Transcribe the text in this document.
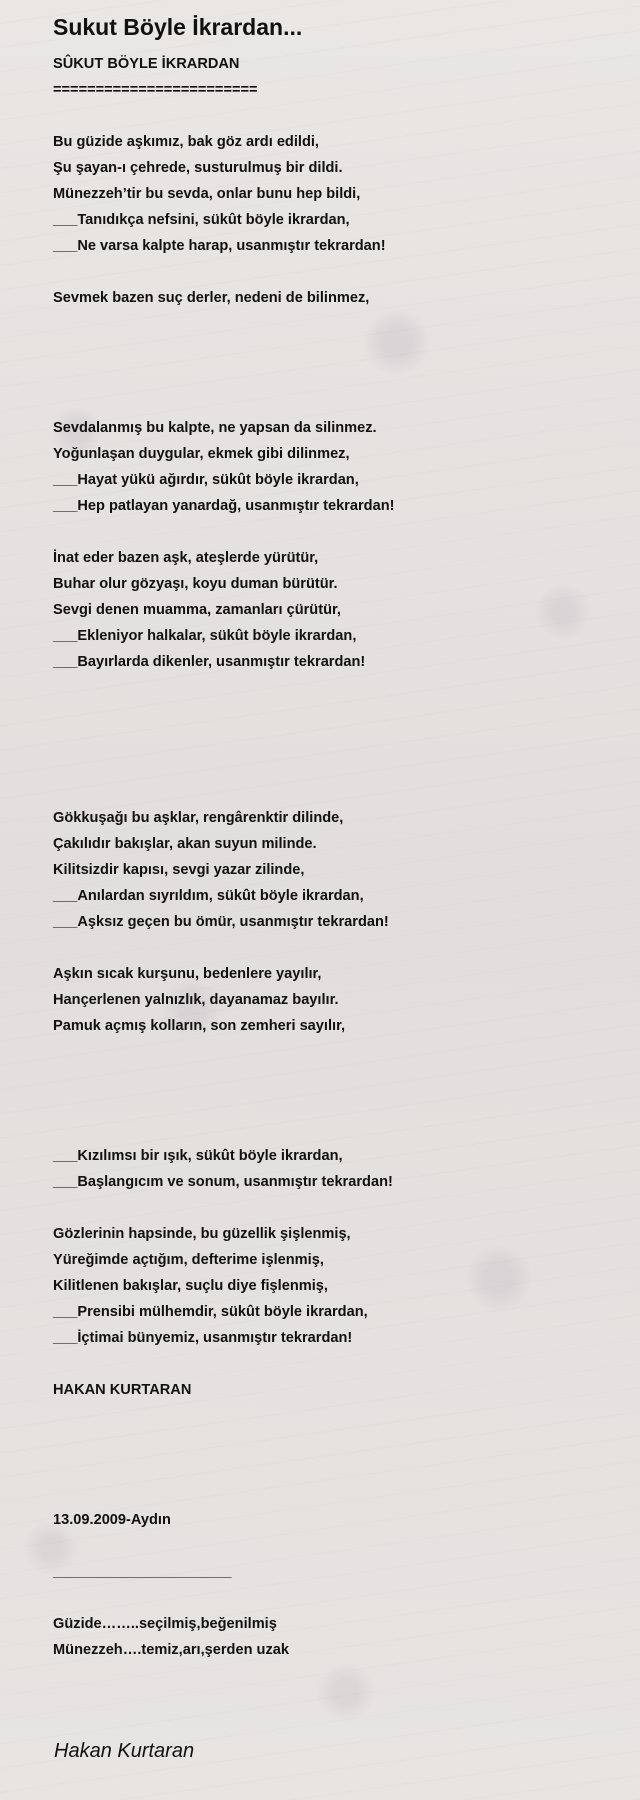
Sukut Böyle İkrardan...
SÛKUT BÖYLE İKRARDAN
========================
Bu güzide aşkımız, bak göz ardı edildi,
Şu şayan-ı çehrede, susturulmuş bir dildi.
Münezzeh’tir bu sevda, onlar bunu hep bildi,
___Tanıdıkça nefsini, sükût böyle ikrardan,
___Ne varsa kalpte harap, usanmıştır tekrardan!
Sevmek bazen suç derler, nedeni de bilinmez,
Sevdalanmış bu kalpte, ne yapsan da silinmez.
Yoğunlaşan duygular, ekmek gibi dilinmez,
___Hayat yükü ağırdır, sükût böyle ikrardan,
___Hep patlayan yanardağ, usanmıştır tekrardan!
İnat eder bazen aşk, ateşlerde yürütür,
Buhar olur gözyaşı, koyu duman bürütür.
Sevgi denen muamma, zamanları çürütür,
___Ekleniyor halkalar, sükût böyle ikrardan,
___Bayırlarda dikenler, usanmıştır tekrardan!
Gökkuşağı bu aşklar, rengârenktir dilinde,
Çakılıdır bakışlar, akan suyun milinde.
Kilitsizdir kapısı, sevgi yazar zilinde,
___Anılardan sıyrıldım, sükût böyle ikrardan,
___Aşksız geçen bu ömür, usanmıştır tekrardan!
Aşkın sıcak kurşunu, bedenlere yayılır,
Hançerlenen yalnızlık, dayanamaz bayılır.
Pamuk açmış kolların, son zemheri sayılır,
___Kızılımsı bir ışık, sükût böyle ikrardan,
___Başlangıcım ve sonum, usanmıştır tekrardan!
Gözlerinin hapsinde, bu güzellik şişlenmiş,
Yüreğimde açtığım, defterime işlenmiş,
Kilitlenen bakışlar, suçlu diye fişlenmiş,
___Prensibi mülhemdir, sükût böyle ikrardan,
___İçtimai bünyemiz, usanmıştır tekrardan!
HAKAN KURTARAN
13.09.2009-Aydın
______________________
Güzide……..seçilmiş,beğenilmiş
Münezzeh….temiz,arı,şerden uzak
Hakan Kurtaran
